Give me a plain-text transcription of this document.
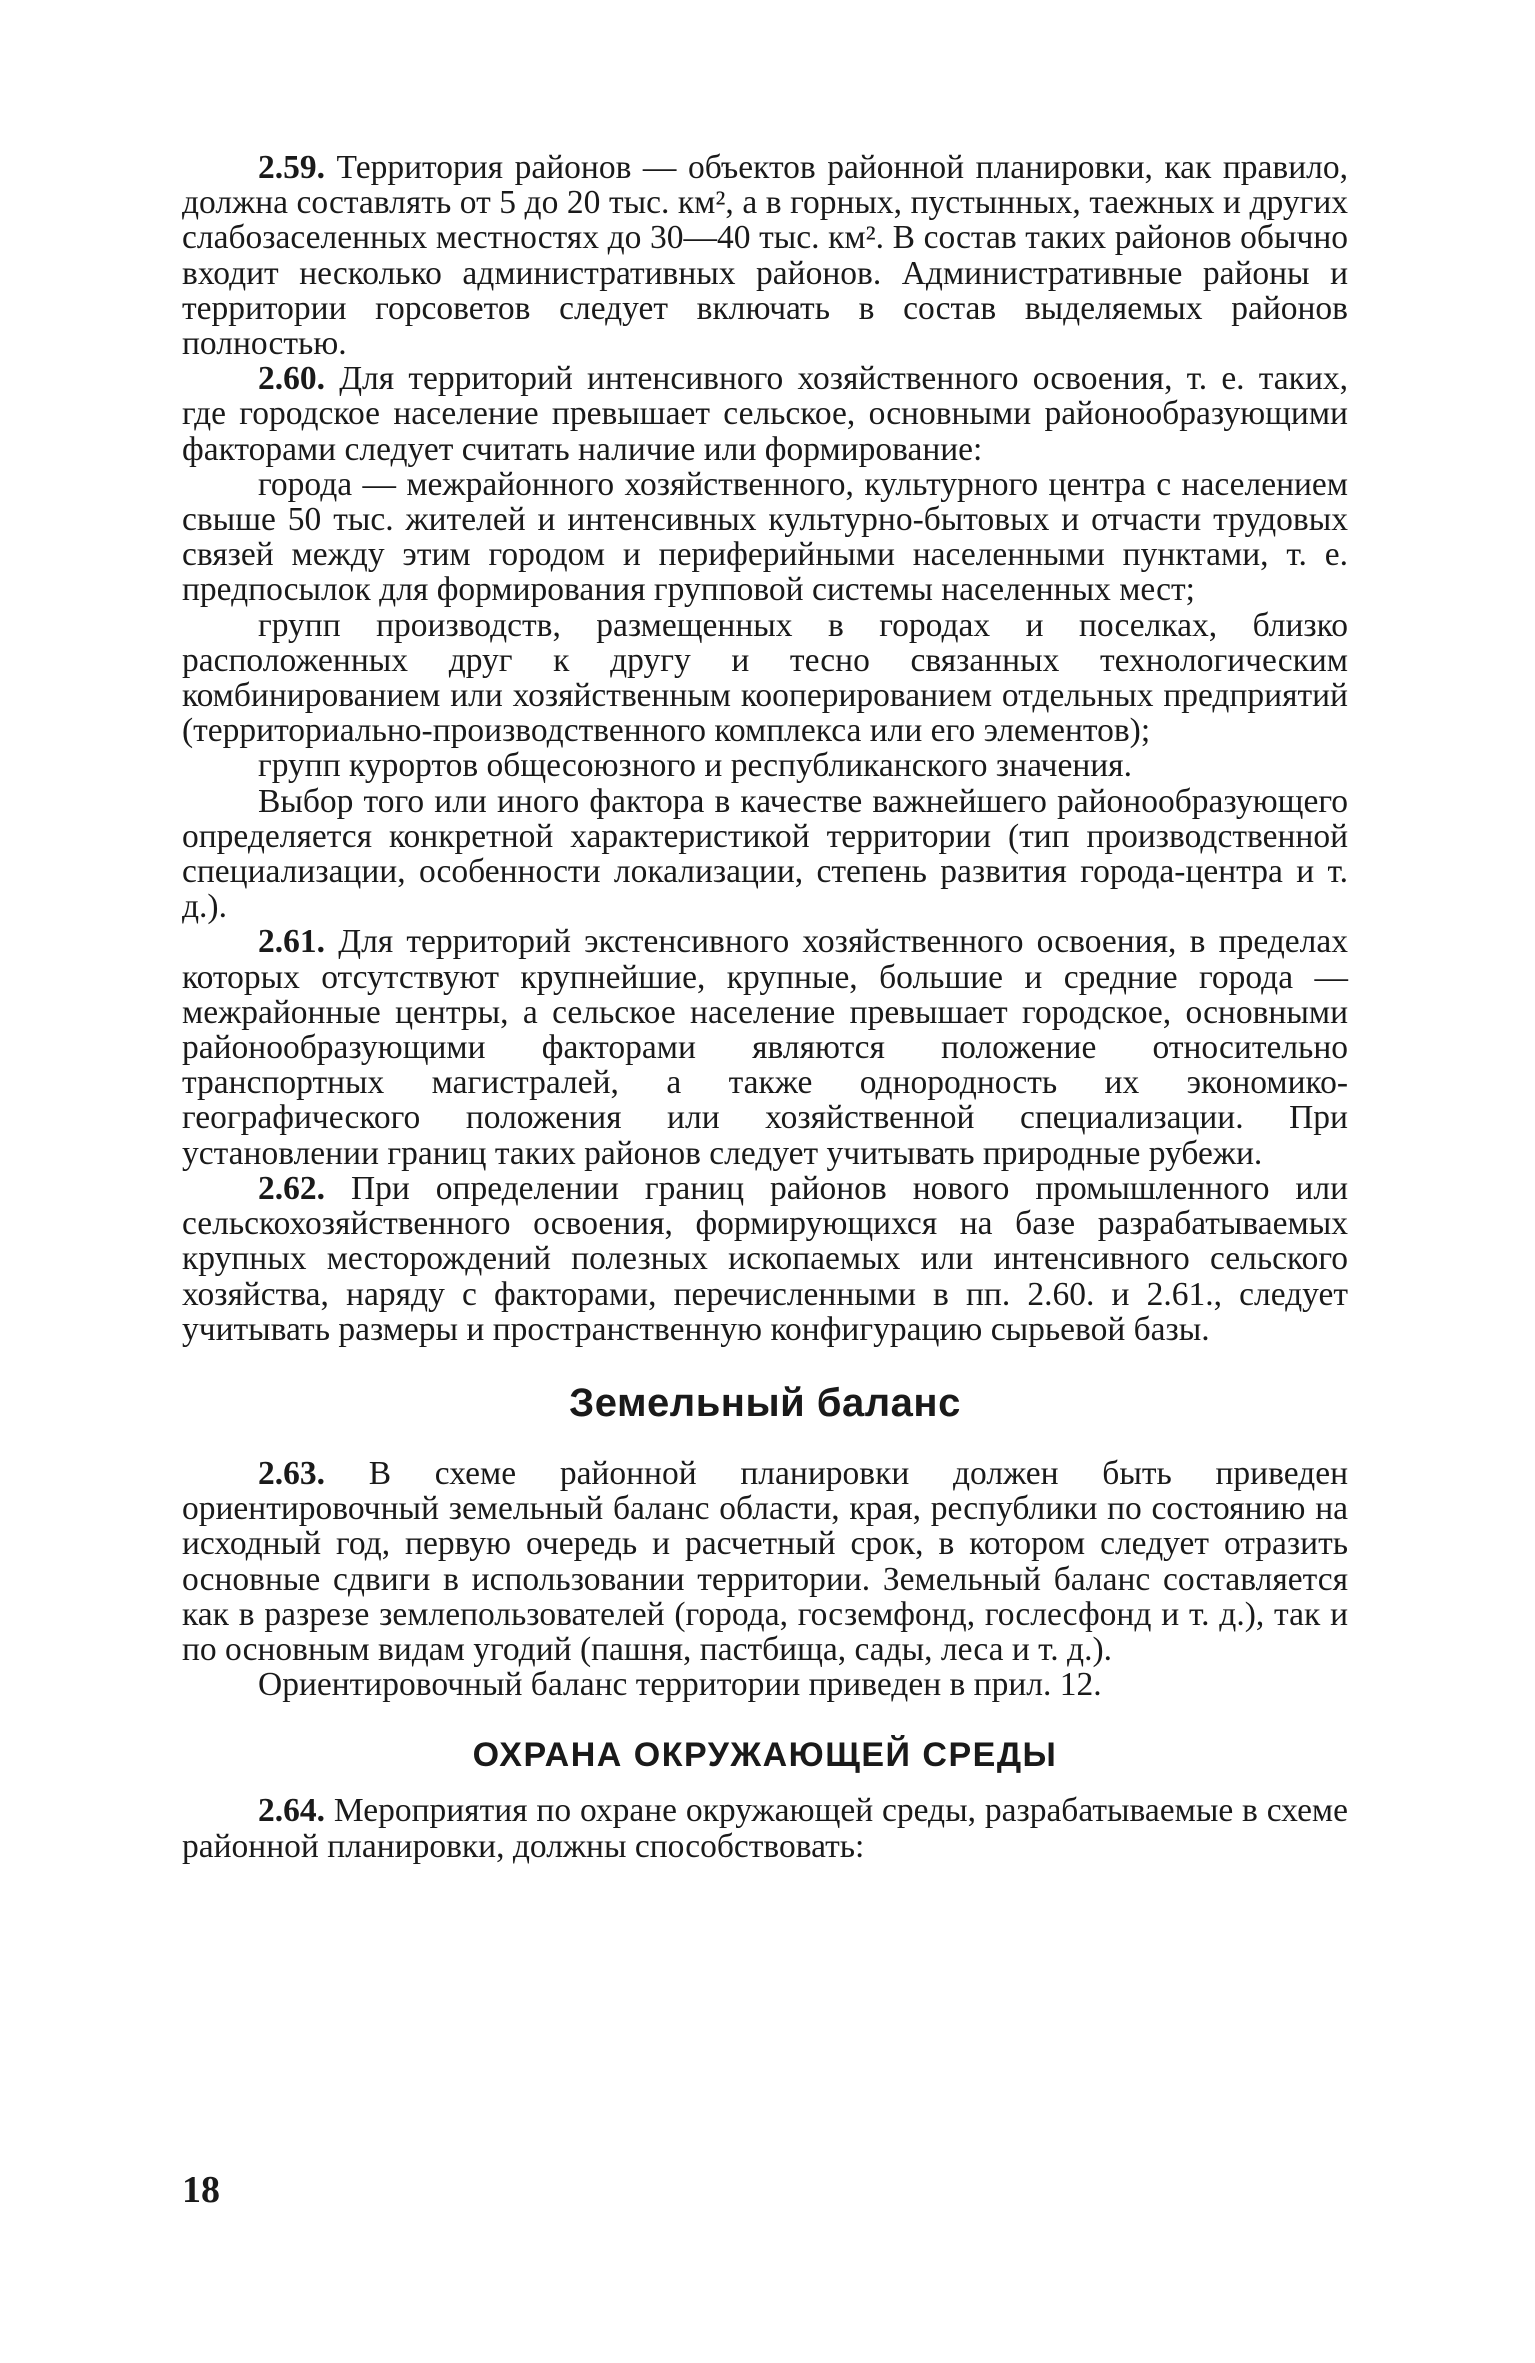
2.59. Территория районов — объектов районной планировки, как правило, должна составлять от 5 до 20 тыс. км², а в горных, пустынных, таежных и других слабозаселенных местностях до 30—40 тыс. км². В состав таких районов обычно входит несколько административных районов. Административные районы и территории горсоветов следует включать в состав выделяемых районов полностью.

2.60. Для территорий интенсивного хозяйственного освоения, т. е. таких, где городское население превышает сельское, основными районообразующими факторами следует считать наличие или формирование:

города — межрайонного хозяйственного, культурного центра с населением свыше 50 тыс. жителей и интенсивных культурно-бытовых и отчасти трудовых связей между этим городом и периферийными населенными пунктами, т. е. предпосылок для формирования групповой системы населенных мест;

групп производств, размещенных в городах и поселках, близко расположенных друг к другу и тесно связанных технологическим комбинированием или хозяйственным кооперированием отдельных предприятий (территориально-производственного комплекса или его элементов);

групп курортов общесоюзного и республиканского значения.

Выбор того или иного фактора в качестве важнейшего районообразующего определяется конкретной характеристикой территории (тип производственной специализации, особенности локализации, степень развития города-центра и т. д.).

2.61. Для территорий экстенсивного хозяйственного освоения, в пределах которых отсутствуют крупнейшие, крупные, большие и средние города — межрайонные центры, а сельское население превышает городское, основными районообразующими факторами являются положение относительно транспортных магистралей, а также однородность их экономико-географического положения или хозяйственной специализации. При установлении границ таких районов следует учитывать природные рубежи.

2.62. При определении границ районов нового промышленного или сельскохозяйственного освоения, формирующихся на базе разрабатываемых крупных месторождений полезных ископаемых или интенсивного сельского хозяйства, наряду с факторами, перечисленными в пп. 2.60. и 2.61., следует учитывать размеры и пространственную конфигурацию сырьевой базы.

Земельный баланс

2.63. В схеме районной планировки должен быть приведен ориентировочный земельный баланс области, края, республики по состоянию на исходный год, первую очередь и расчетный срок, в котором следует отразить основные сдвиги в использовании территории. Земельный баланс составляется как в разрезе землепользователей (города, госземфонд, гослесфонд и т. д.), так и по основным видам угодий (пашня, пастбища, сады, леса и т. д.).

Ориентировочный баланс территории приведен в прил. 12.

ОХРАНА ОКРУЖАЮЩЕЙ СРЕДЫ

2.64. Мероприятия по охране окружающей среды, разрабатываемые в схеме районной планировки, должны способствовать:

18
